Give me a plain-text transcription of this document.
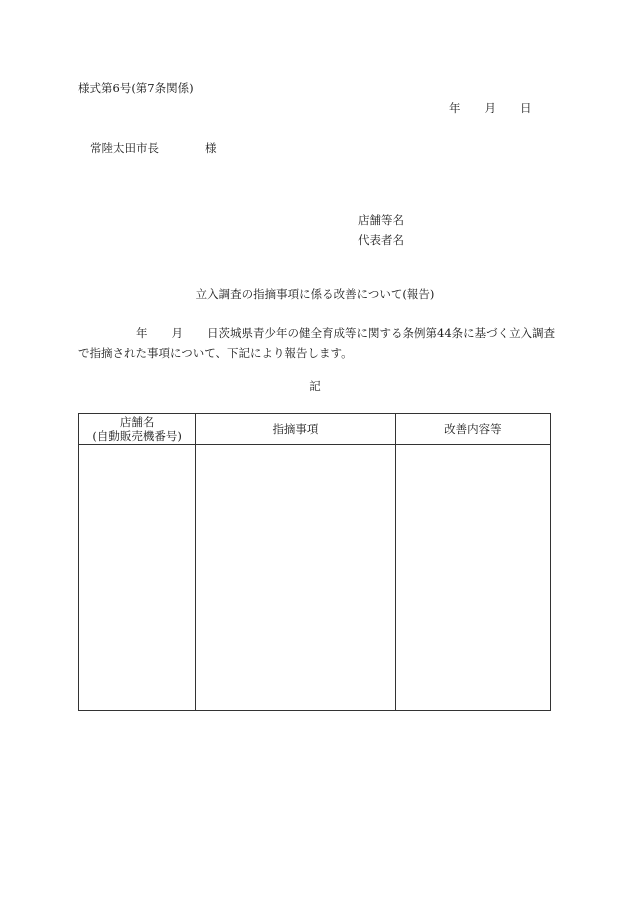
様式第6号(第7条関係)
年 月 日
常陸太田市長	様
店舗等名
代表者名
立入調査の指摘事項に係る改善について(報告)
年 月 日茨城県青少年の健全育成等に関する条例第44条に基づく立入調査で指摘された事項について、下記により報告します。
記
店舗名
(自動販売機番号)	指摘事項	改善内容等
